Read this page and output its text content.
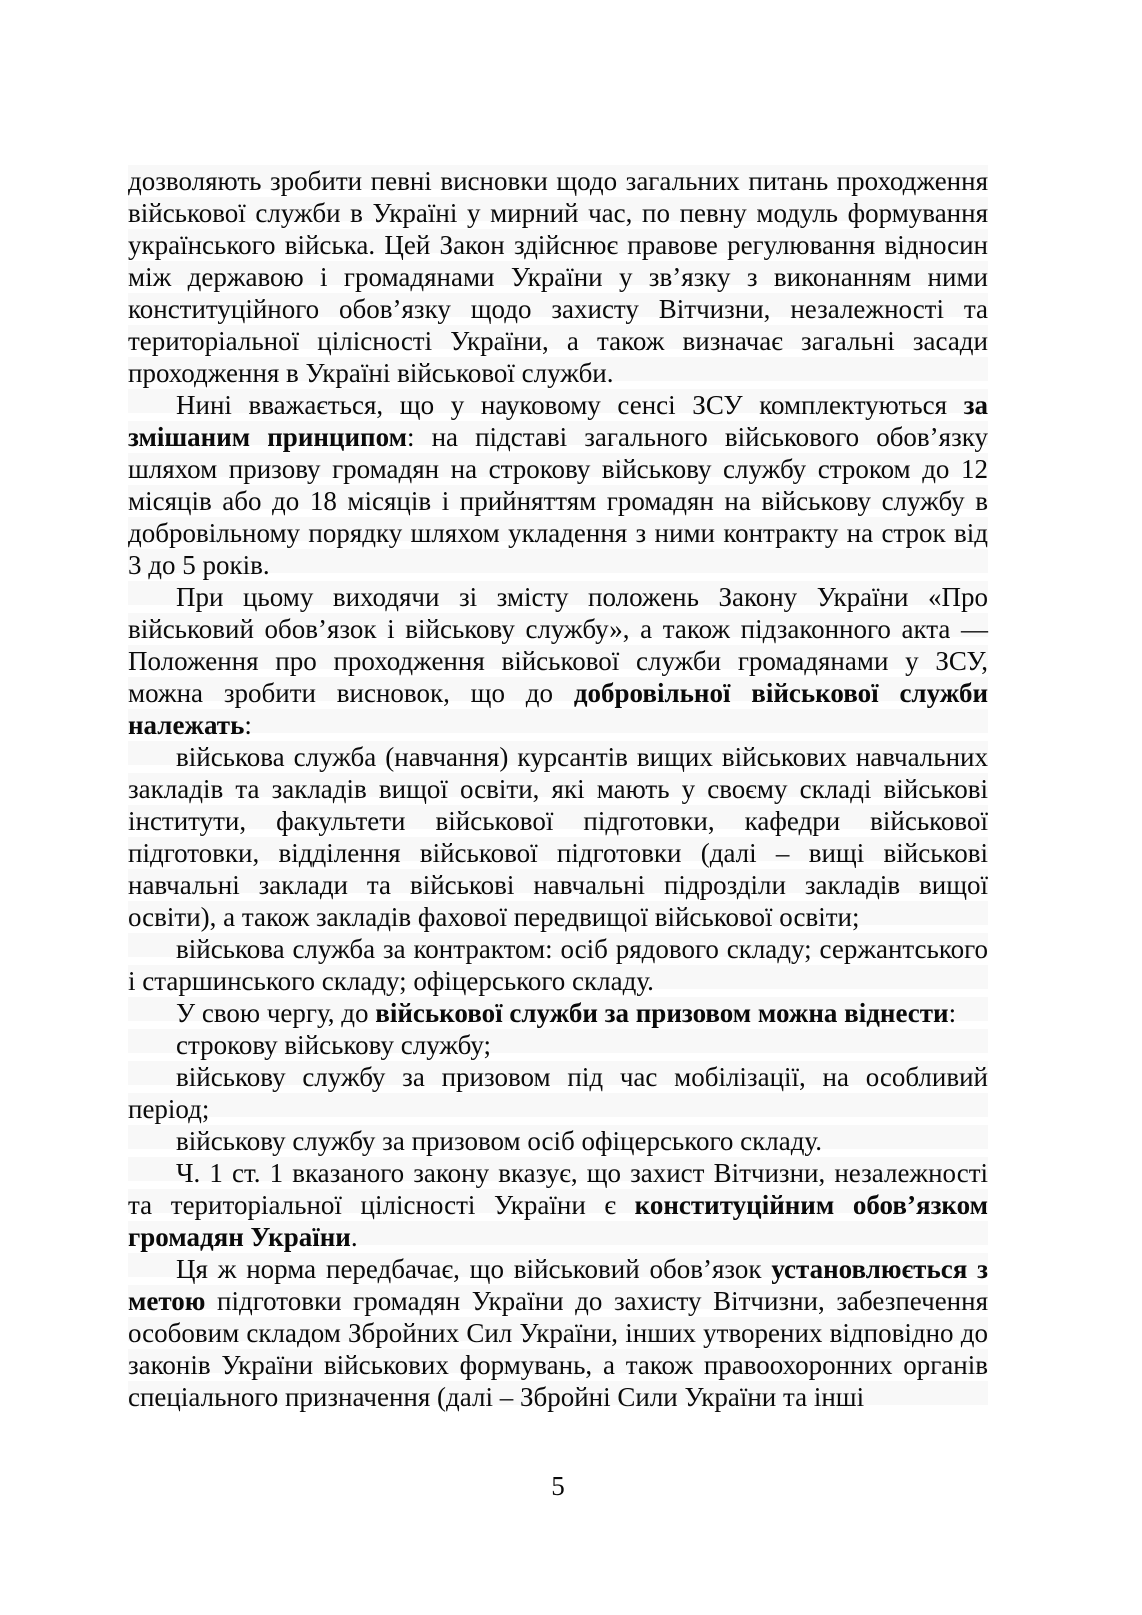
дозволяють зробити певні висновки щодо загальних питань проходження військової служби в Україні у мирний час, по певну модуль формування українського війська. Цей Закон здійснює правове регулювання відносин між державою і громадянами України у зв’язку з виконанням ними конституційного обов’язку щодо захисту Вітчизни, незалежності та територіальної цілісності України, а також визначає загальні засади проходження в Україні військової служби.

Нині вважається, що у науковому сенсі ЗСУ комплектуються за змішаним принципом: на підставі загального військового обов’язку шляхом призову громадян на строкову військову службу строком до 12 місяців або до 18 місяців і прийняттям громадян на військову службу в добровільному порядку шляхом укладення з ними контракту на строк від 3 до 5 років.

При цьому виходячи зі змісту положень Закону України «Про військовий обов’язок і військову службу», а також підзаконного акта — Положення про проходження військової служби громадянами у ЗСУ, можна зробити висновок, що до добровільної військової служби належать:

військова служба (навчання) курсантів вищих військових навчальних закладів та закладів вищої освіти, які мають у своєму складі військові інститути, факультети військової підготовки, кафедри військової підготовки, відділення військової підготовки (далі – вищі військові навчальні заклади та військові навчальні підрозділи закладів вищої освіти), а також закладів фахової передвищої військової освіти;

військова служба за контрактом: осіб рядового складу; сержантського і старшинського складу; офіцерського складу.

У свою чергу, до військової служби за призовом можна віднести:

строкову військову службу;

військову службу за призовом під час мобілізації, на особливий період;

військову службу за призовом осіб офіцерського складу.

Ч. 1 ст. 1 вказаного закону вказує, що захист Вітчизни, незалежності та територіальної цілісності України є конституційним обов’язком громадян України.

Ця ж норма передбачає, що військовий обов’язок установлюється з метою підготовки громадян України до захисту Вітчизни, забезпечення особовим складом Збройних Сил України, інших утворених відповідно до законів України військових формувань, а також правоохоронних органів спеціального призначення (далі – Збройні Сили України та інші

5
